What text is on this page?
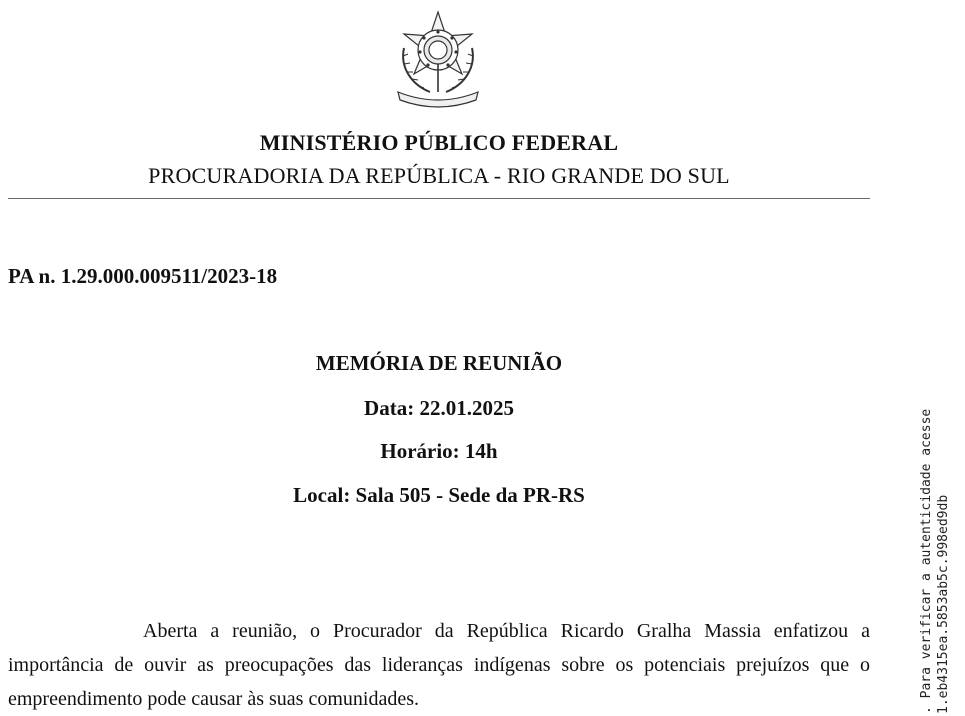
MINISTÉRIO PÚBLICO FEDERAL
PROCURADORIA DA REPÚBLICA - RIO GRANDE DO SUL
PA n. 1.29.000.009511/2023-18
MEMÓRIA DE REUNIÃO
Data: 22.01.2025
Horário: 14h
Local: Sala 505 - Sede da PR-RS
Aberta a reunião, o Procurador da República Ricardo Gralha Massia enfatizou a importância de ouvir as preocupações das lideranças indígenas sobre os potenciais prejuízos que o empreendimento pode causar às suas comunidades.	. Para verificar a autenticidade acesse 1.eb4315ea.5853ab5c.998ed9db
